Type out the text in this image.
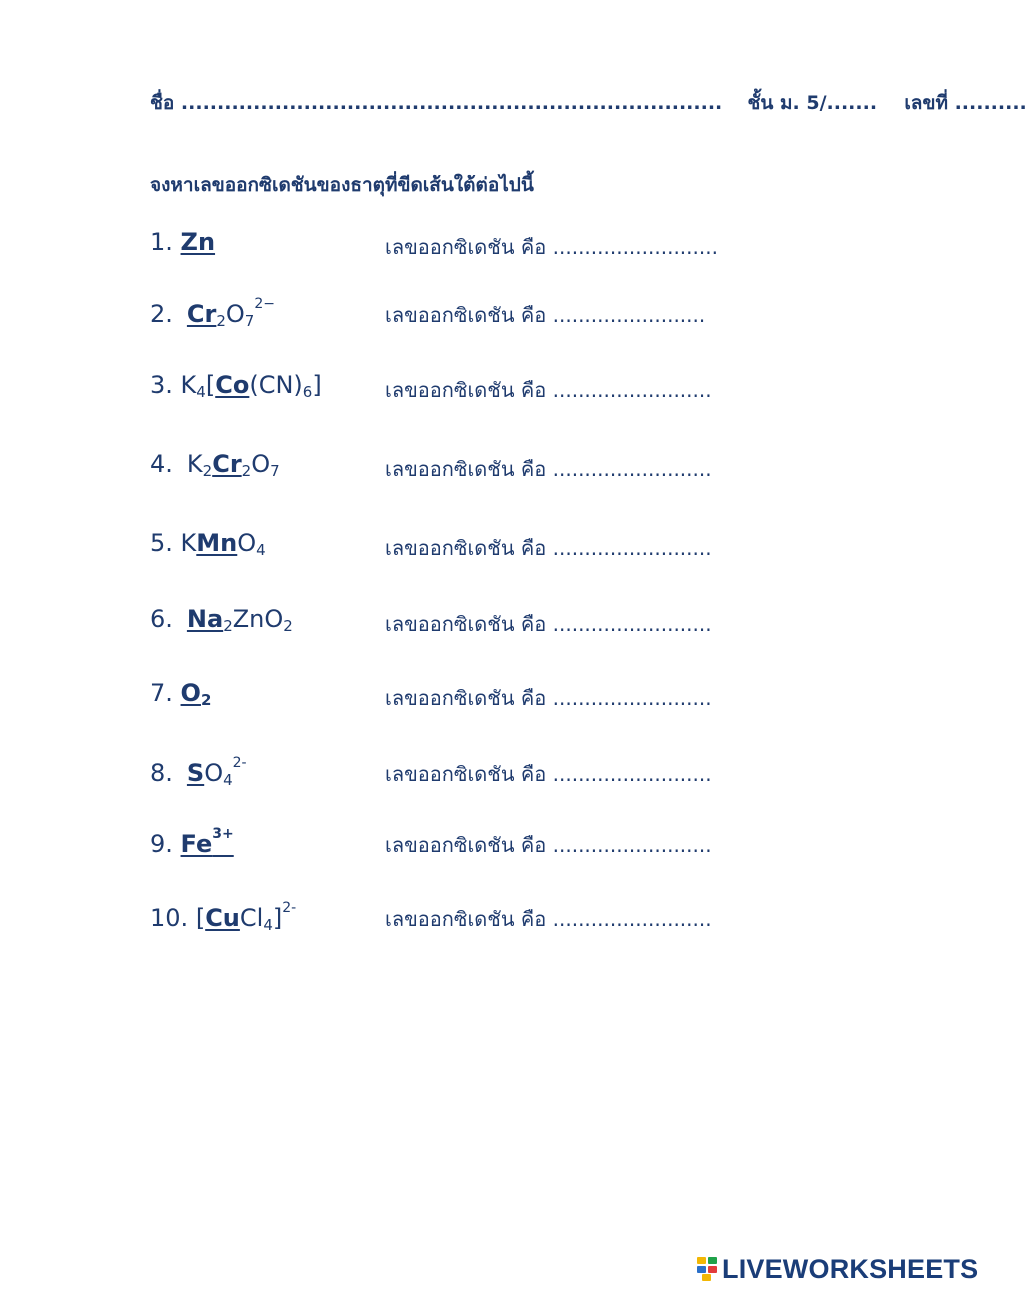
ชื่อ ........................................................................... ชั้น ม. 5/....... เลขที่ ..........
จงหาเลขออกซิเดชันของธาตุที่ขีดเส้นใต้ต่อไปนี้
1. Zn	เลขออกซิเดชัน คือ ..........................
2. $Cr_2O_7^{2-}$	เลขออกซิเดชัน คือ ........................
3. $K_4[Co(CN)_6]$	เลขออกซิเดชัน คือ .........................
4. $K_2Cr_2O_7$	เลขออกซิเดชัน คือ .........................
5. KMnO$_4$	เลขออกซิเดชัน คือ .........................
6. $Na_2ZnO_2$	เลขออกซิเดชัน คือ .........................
7. $O_2$	เลขออกซิเดชัน คือ .........................
8. $SO_4^{2-}$	เลขออกซิเดชัน คือ .........................
9. $Fe^{3+}$	เลขออกซิเดชัน คือ .........................
10. [CuCl$_4$]$^{2-}$	เลขออกซิเดชัน คือ .........................
LIVEWORKSHEETS
